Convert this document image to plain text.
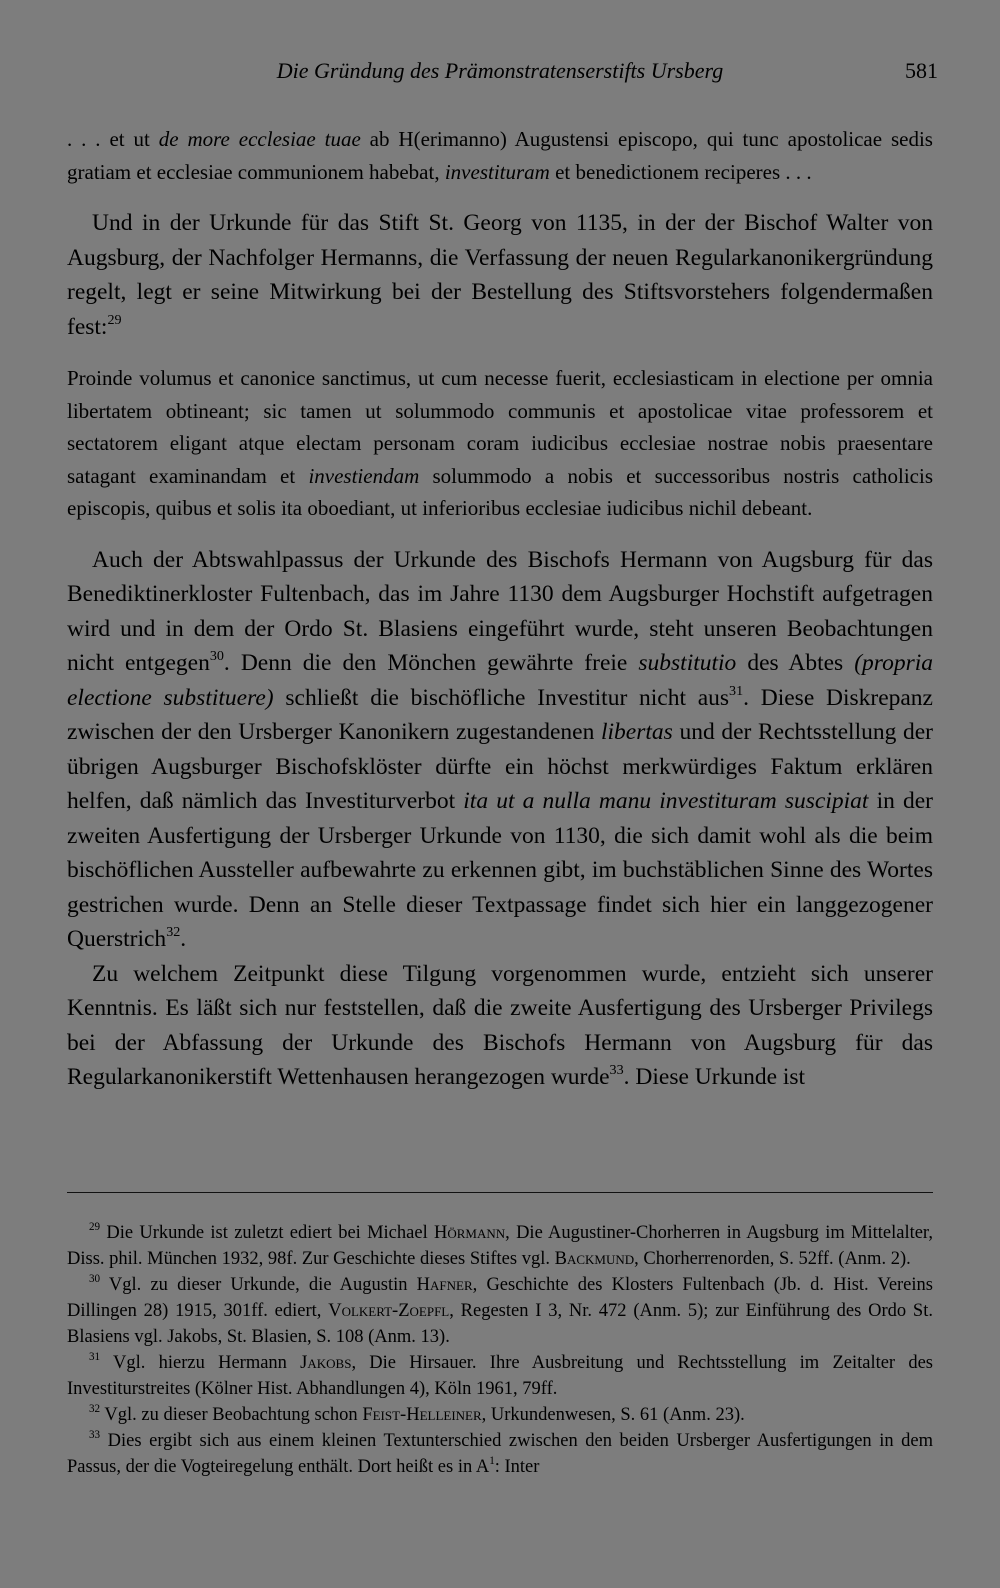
Die Gründung des Prämonstratenserstifts Ursberg	581

. . . et ut de more ecclesiae tuae ab H(erimanno) Augustensi episcopo, qui tunc apostolicae sedis gratiam et ecclesiae communionem habebat, investituram et benedictionem reciperes . . .

Und in der Urkunde für das Stift St. Georg von 1135, in der der Bischof Walter von Augsburg, der Nachfolger Hermanns, die Verfassung der neuen Regularkanonikergründung regelt, legt er seine Mitwirkung bei der Bestellung des Stiftsvorstehers folgendermaßen fest:$^{29}$

Proinde volumus et canonice sanctimus, ut cum necesse fuerit, ecclesiasticam in electione per omnia libertatem obtineant; sic tamen ut solummodo communis et apostolicae vitae professorem et sectatorem eligant atque electam personam coram iudicibus ecclesiae nostrae nobis praesentare satagant examinandam et investiendam solummodo a nobis et successoribus nostris catholicis episcopis, quibus et solis ita oboediant, ut inferioribus ecclesiae iudicibus nichil debeant.

Auch der Abtswahlpassus der Urkunde des Bischofs Hermann von Augsburg für das Benediktinerkloster Fultenbach, das im Jahre 1130 dem Augsburger Hochstift aufgetragen wird und in dem der Ordo St. Blasiens eingeführt wurde, steht unseren Beobachtungen nicht entgegen$^{30}$. Denn die den Mönchen gewährte freie substitutio des Abtes (propria electione substituere) schließt die bischöfliche Investitur nicht aus$^{31}$. Diese Diskrepanz zwischen der den Ursberger Kanonikern zugestandenen libertas und der Rechtsstellung der übrigen Augsburger Bischofsklöster dürfte ein höchst merkwürdiges Faktum erklären helfen, daß nämlich das Investiturverbot ita ut a nulla manu investituram suscipiat in der zweiten Ausfertigung der Ursberger Urkunde von 1130, die sich damit wohl als die beim bischöflichen Aussteller aufbewahrte zu erkennen gibt, im buchstäblichen Sinne des Wortes gestrichen wurde. Denn an Stelle dieser Textpassage findet sich hier ein langgezogener Querstrich$^{32}$.

Zu welchem Zeitpunkt diese Tilgung vorgenommen wurde, entzieht sich unserer Kenntnis. Es läßt sich nur feststellen, daß die zweite Ausfertigung des Ursberger Privilegs bei der Abfassung der Urkunde des Bischofs Hermann von Augsburg für das Regularkanonikerstift Wettenhausen herangezogen wurde$^{33}$. Diese Urkunde ist

$^{29}$ Die Urkunde ist zuletzt ediert bei Michael Hörmann, Die Augustiner-Chorherren in Augsburg im Mittelalter, Diss. phil. München 1932, 98f. Zur Geschichte dieses Stiftes vgl. Backmund, Chorherrenorden, S. 52ff. (Anm. 2).

$^{30}$ Vgl. zu dieser Urkunde, die Augustin Hafner, Geschichte des Klosters Fultenbach (Jb. d. Hist. Vereins Dillingen 28) 1915, 301ff. ediert, Volkert-Zoepfl, Regesten I 3, Nr. 472 (Anm. 5); zur Einführung des Ordo St. Blasiens vgl. Jakobs, St. Blasien, S. 108 (Anm. 13).

$^{31}$ Vgl. hierzu Hermann Jakobs, Die Hirsauer. Ihre Ausbreitung und Rechtsstellung im Zeitalter des Investiturstreites (Kölner Hist. Abhandlungen 4), Köln 1961, 79ff.

$^{32}$ Vgl. zu dieser Beobachtung schon Feist-Helleiner, Urkundenwesen, S. 61 (Anm. 23).

$^{33}$ Dies ergibt sich aus einem kleinen Textunterschied zwischen den beiden Ursberger Ausfertigungen in dem Passus, der die Vogteiregelung enthält. Dort heißt es in $A^1$: Inter
